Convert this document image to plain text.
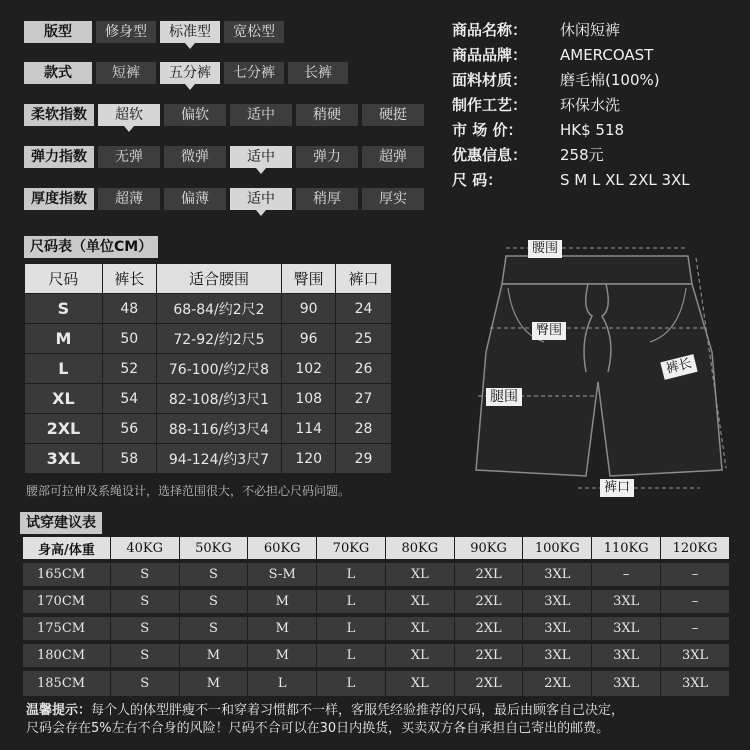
版型	修身型	标准型	宽松型
款式	短裤	五分裤	七分裤	长裤
柔软指数	超软	偏软	适中	稍硬	硬挺
弹力指数	无弹	微弹	适中	弹力	超弹
厚度指数	超薄	偏薄	适中	稍厚	厚实
商品名称：	休闲短裤
商品品牌：	AMERCOAST
面料材质：	磨毛棉(100%)
制作工艺：	环保水洗
市 场 价：	HK$ 518
优惠信息：	258元
尺 码：	S M L XL 2XL 3XL
尺码表（单位CM）
尺码	裤长	适合腰围	臀围	裤口
S	48	68-84/约2尺2	90	24
M	50	72-92/约2尺5	96	25
L	52	76-100/约2尺8	102	26
XL	54	82-108/约3尺1	108	27
2XL	56	88-116/约3尺4	114	28
3XL	58	94-124/约3尺7	120	29
腰部可拉伸及系绳设计，选择范围很大，不必担心尺码问题。
腰围
臀围
腿围
裤长
裤口
试穿建议表
身高/体重	40KG	50KG	60KG	70KG	80KG	90KG	100KG	110KG	120KG
165CM	S	S	S-M	L	XL	2XL	3XL	–	–
170CM	S	S	M	L	XL	2XL	3XL	3XL	–
175CM	S	S	M	L	XL	2XL	3XL	3XL	–
180CM	S	M	M	L	XL	2XL	3XL	3XL	3XL
185CM	S	M	L	L	XL	2XL	2XL	3XL	3XL
温馨提示：每个人的体型胖瘦不一和穿着习惯都不一样，客服凭经验推荐的尺码，最后由顾客自己决定，
尺码会存在5%左右不合身的风险！尺码不合可以在30日内换货，买卖双方各自承担自己寄出的邮费。
